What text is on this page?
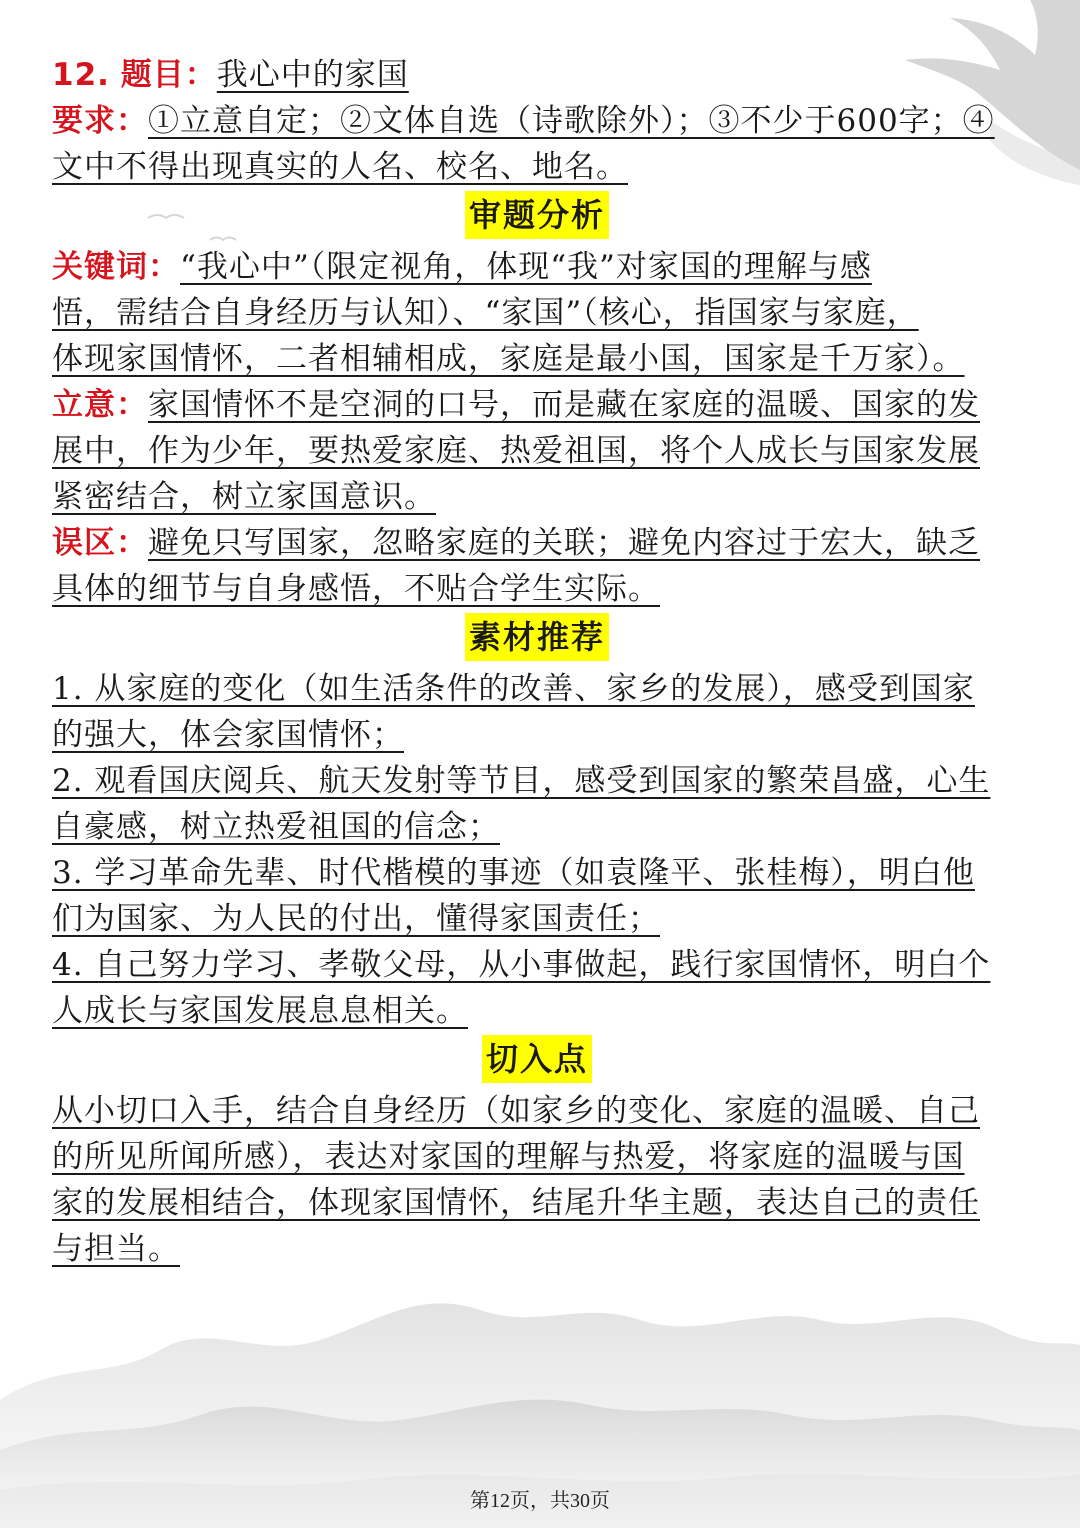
12. 题目：我心中的家国
要求：①立意自定；②文体自选（诗歌除外）；③不少于600字；④
文中不得出现真实的人名、校名、地名。
审题分析
关键词：“我心中”（限定视角，体现“我”对家国的理解与感
悟，需结合自身经历与认知）、“家国”（核心，指国家与家庭，
体现家国情怀，二者相辅相成，家庭是最小国，国家是千万家）。
立意：家国情怀不是空洞的口号，而是藏在家庭的温暖、国家的发
展中，作为少年，要热爱家庭、热爱祖国，将个人成长与国家发展
紧密结合，树立家国意识。
误区：避免只写国家，忽略家庭的关联；避免内容过于宏大，缺乏
具体的细节与自身感悟，不贴合学生实际。
素材推荐
1. 从家庭的变化（如生活条件的改善、家乡的发展），感受到国家
的强大，体会家国情怀；
2. 观看国庆阅兵、航天发射等节目，感受到国家的繁荣昌盛，心生
自豪感，树立热爱祖国的信念；
3. 学习革命先辈、时代楷模的事迹（如袁隆平、张桂梅），明白他
们为国家、为人民的付出，懂得家国责任；
4. 自己努力学习、孝敬父母，从小事做起，践行家国情怀，明白个
人成长与家国发展息息相关。
切入点
从小切口入手，结合自身经历（如家乡的变化、家庭的温暖、自己
的所见所闻所感），表达对家国的理解与热爱，将家庭的温暖与国
家的发展相结合，体现家国情怀，结尾升华主题，表达自己的责任
与担当。
第12页，共30页
